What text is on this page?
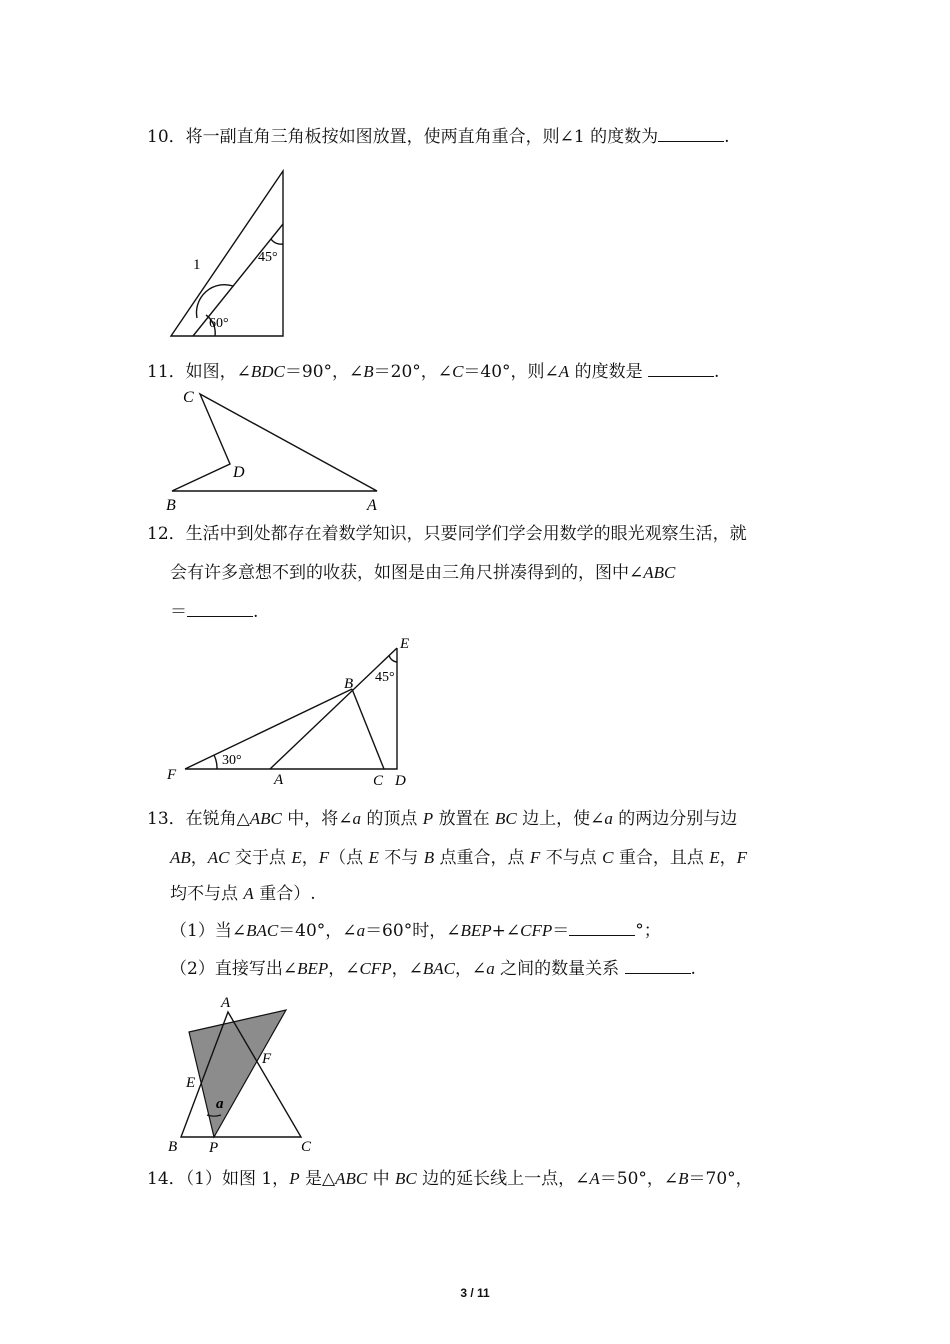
10．将一副直角三角板按如图放置，使两直角重合，则∠1 的度数为	.
1	45°
60°
11．如图，∠BDC＝90°，∠B＝20°，∠C＝40°，则∠A 的度数是	.
C
D
B	A
12．生活中到处都存在着数学知识，只要同学们学会用数学的眼光观察生活，就
会有许多意想不到的收获，如图是由三角尺拼凑得到的，图中∠ABC
＝	.
E
B 45°
30°
F	A	C D
13．在锐角△ABC 中，将∠a 的顶点 P 放置在 BC 边上，使∠a 的两边分别与边
AB，AC 交于点 E，F（点 E 不与 B 点重合，点 F 不与点 C 重合，且点 E，F
均不与点 A 重合）.
（1）当∠BAC＝40°，∠a＝60°时，∠BEP+∠CFP＝	°；
（2）直接写出∠BEP，∠CFP，∠BAC，∠a 之间的数量关系	.
A
F
E
a
B P	C
14．（1）如图 1，P 是△ABC 中 BC 边的延长线上一点，∠A＝50°，∠B＝70°，
3 / 11
